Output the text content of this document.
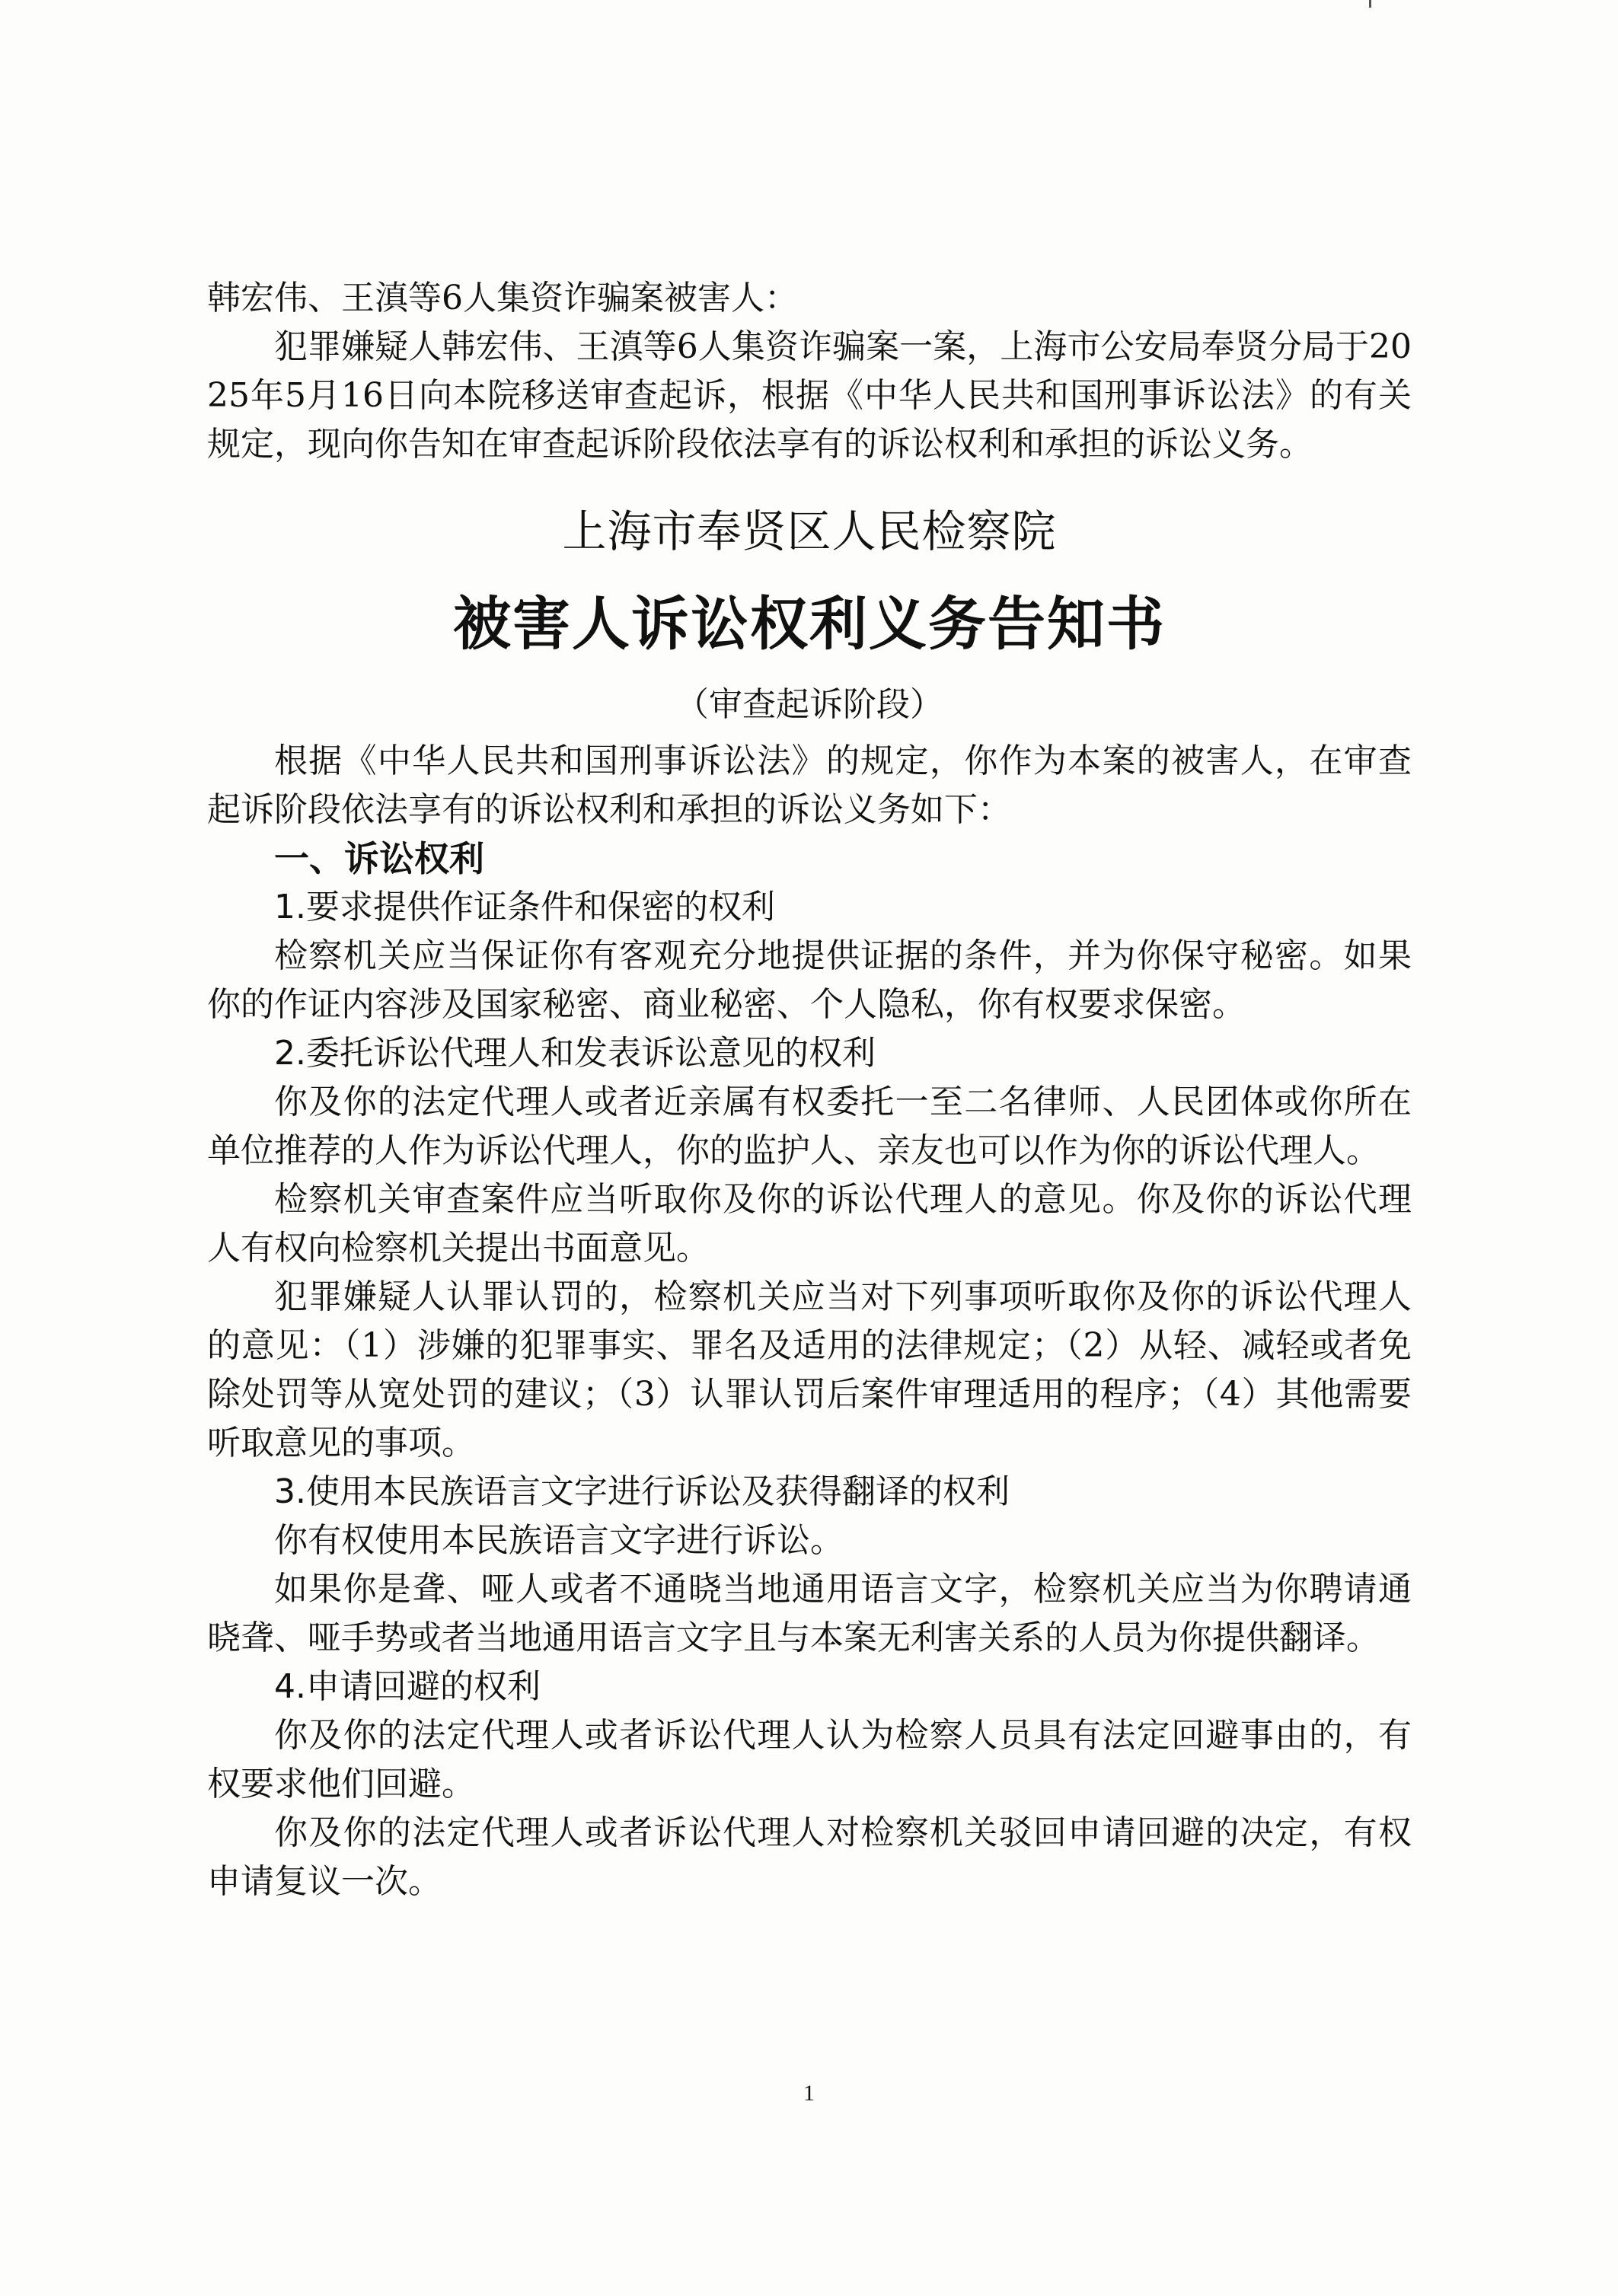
韩宏伟、王滇等6人集资诈骗案被害人：

犯罪嫌疑人韩宏伟、王滇等6人集资诈骗案一案，上海市公安局奉贤分局于2025年5月16日向本院移送审查起诉，根据《中华人民共和国刑事诉讼法》的有关规定，现向你告知在审查起诉阶段依法享有的诉讼权利和承担的诉讼义务。

上海市奉贤区人民检察院
被害人诉讼权利义务告知书

（审查起诉阶段）

根据《中华人民共和国刑事诉讼法》的规定，你作为本案的被害人，在审查起诉阶段依法享有的诉讼权利和承担的诉讼义务如下：

一、诉讼权利

1.要求提供作证条件和保密的权利

检察机关应当保证你有客观充分地提供证据的条件，并为你保守秘密。如果你的作证内容涉及国家秘密、商业秘密、个人隐私，你有权要求保密。

2.委托诉讼代理人和发表诉讼意见的权利

你及你的法定代理人或者近亲属有权委托一至二名律师、人民团体或你所在单位推荐的人作为诉讼代理人，你的监护人、亲友也可以作为你的诉讼代理人。

检察机关审查案件应当听取你及你的诉讼代理人的意见。你及你的诉讼代理人有权向检察机关提出书面意见。

犯罪嫌疑人认罪认罚的，检察机关应当对下列事项听取你及你的诉讼代理人的意见：（1）涉嫌的犯罪事实、罪名及适用的法律规定；（2）从轻、减轻或者免除处罚等从宽处罚的建议；（3）认罪认罚后案件审理适用的程序；（4）其他需要听取意见的事项。

3.使用本民族语言文字进行诉讼及获得翻译的权利

你有权使用本民族语言文字进行诉讼。

如果你是聋、哑人或者不通晓当地通用语言文字，检察机关应当为你聘请通晓聋、哑手势或者当地通用语言文字且与本案无利害关系的人员为你提供翻译。

4.申请回避的权利

你及你的法定代理人或者诉讼代理人认为检察人员具有法定回避事由的，有权要求他们回避。

你及你的法定代理人或者诉讼代理人对检察机关驳回申请回避的决定，有权申请复议一次。

1
